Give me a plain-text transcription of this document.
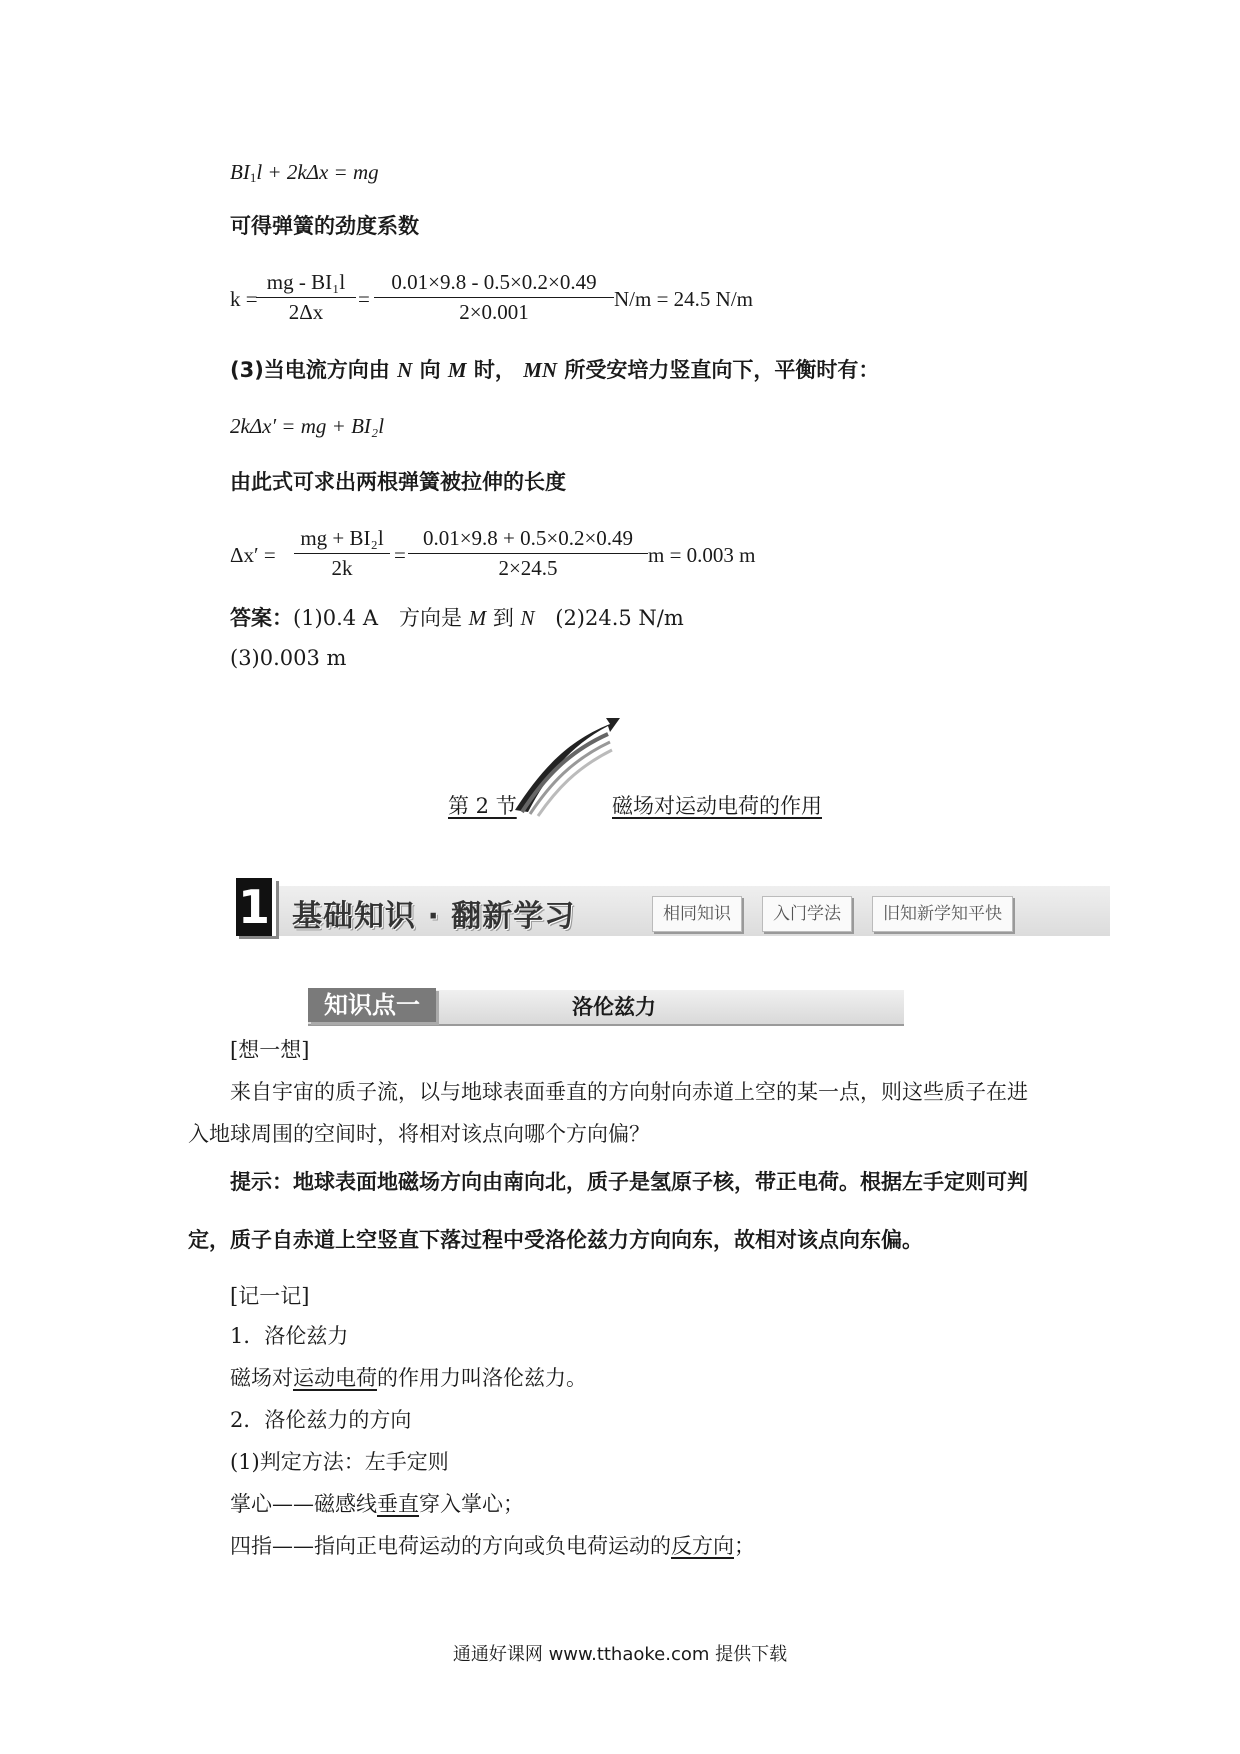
$BI_1l + 2k\Delta x$ = mg
可得弹簧的劲度系数
k =
mg - BI₁l
2Δx
=
0.01×9.8 - 0.5×0.2×0.49
2×0.001
N/m = 24.5 N/m
(3)当电流方向由 N 向 M 时， MN 所受安培力竖直向下，平衡时有：
2kΔx′ = mg + BI₂l
由此式可求出两根弹簧被拉伸的长度
Δx′ =
mg + BI₂l
2k
=
0.01×9.8 + 0.5×0.2×0.49
2×24.5
m = 0.003 m
答案：(1)0.4 A　方向是 M 到 N (2)24.5 N/m
(3)0.003 m
第 2 节	磁场对运动电荷的作用
1 基础知识 · 翻新学习	相同知识	入门学法	旧知新学知平快
知识点一	洛伦兹力
[想一想]
来自宇宙的质子流，以与地球表面垂直的方向射向赤道上空的某一点，则这些质子在进
入地球周围的空间时，将相对该点向哪个方向偏？
提示：地球表面地磁场方向由南向北，质子是氢原子核，带正电荷。根据左手定则可判
定，质子自赤道上空竖直下落过程中受洛伦兹力方向向东，故相对该点向东偏。
[记一记]
1．洛伦兹力
磁场对运动电荷的作用力叫洛伦兹力。
2．洛伦兹力的方向
(1)判定方法：左手定则
掌心——磁感线垂直穿入掌心；
四指——指向正电荷运动的方向或负电荷运动的反方向；
通通好课网 www.tthaoke.com 提供下载
